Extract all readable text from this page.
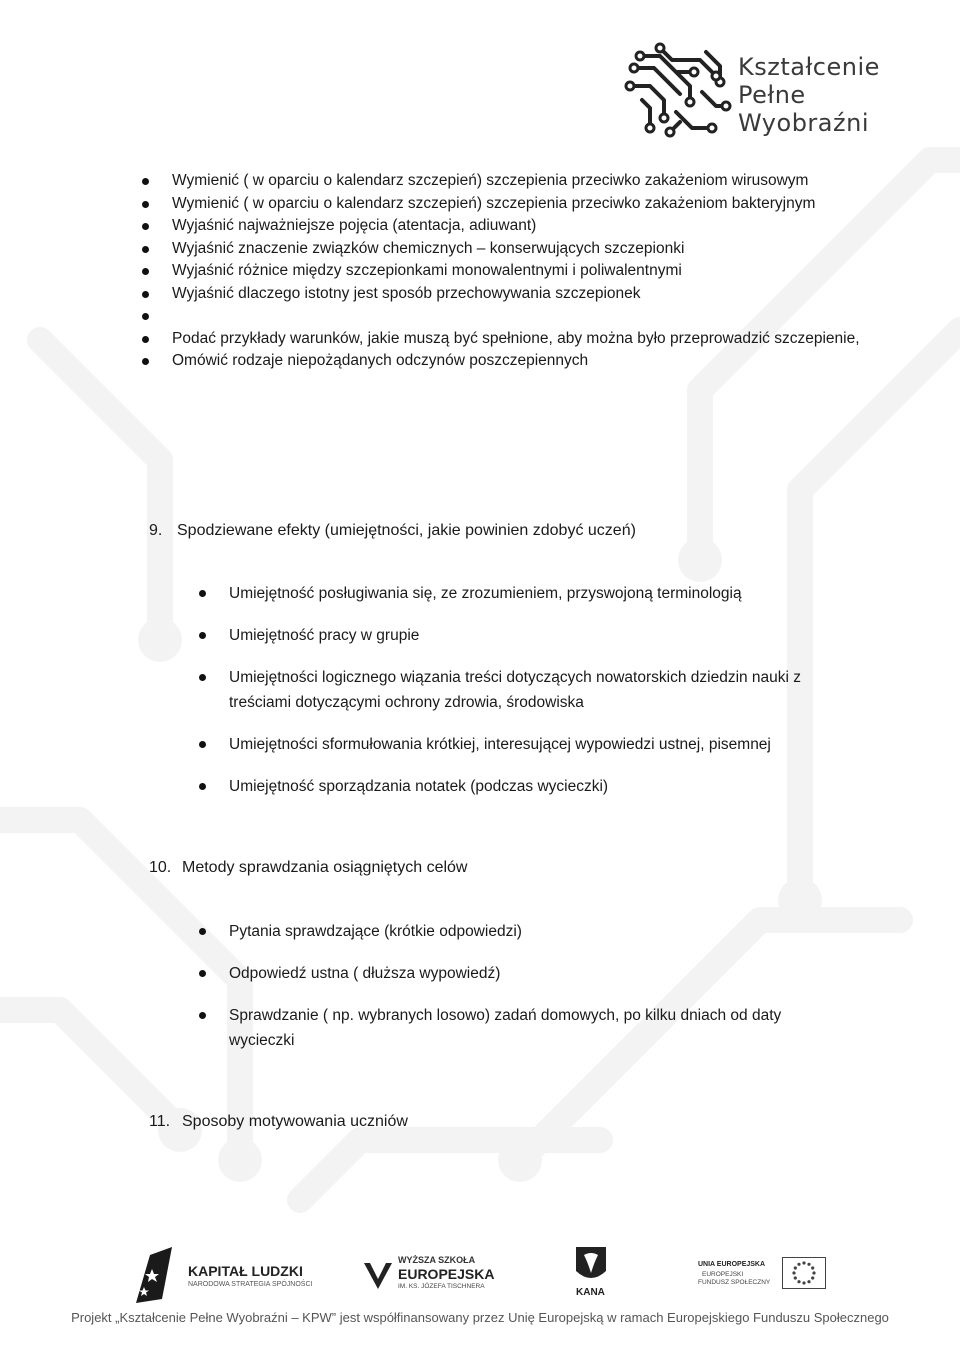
Kształcenie
Pełne
Wyobraźni
Wymienić ( w oparciu o kalendarz szczepień) szczepienia przeciwko zakażeniom wirusowym
Wymienić ( w oparciu o kalendarz szczepień) szczepienia przeciwko zakażeniom bakteryjnym
Wyjaśnić najważniejsze pojęcia (atentacja, adiuwant)
Wyjaśnić znaczenie związków chemicznych – konserwujących szczepionki
Wyjaśnić różnice między szczepionkami monowalentnymi i poliwalentnymi
Wyjaśnić dlaczego istotny jest sposób przechowywania szczepionek
Podać przykłady warunków, jakie muszą być spełnione, aby można było przeprowadzić szczepienie,
Omówić rodzaje niepożądanych odczynów poszczepiennych
9. Spodziewane efekty (umiejętności, jakie powinien zdobyć uczeń)
Umiejętność posługiwania się, ze zrozumieniem, przyswojoną terminologią
Umiejętność pracy w grupie
Umiejętności logicznego wiązania treści dotyczących nowatorskich dziedzin nauki z treściami dotyczącymi ochrony zdrowia, środowiska
Umiejętności sformułowania krótkiej, interesującej wypowiedzi ustnej, pisemnej
Umiejętność sporządzania notatek (podczas wycieczki)
10. Metody sprawdzania osiągniętych celów
Pytania sprawdzające (krótkie odpowiedzi)
Odpowiedź ustna ( dłuższa wypowiedź)
Sprawdzanie ( np. wybranych losowo) zadań domowych, po kilku dniach od daty wycieczki
11. Sposoby motywowania uczniów
KAPITAŁ LUDZKI
NARODOWA STRATEGIA SPÓJNOŚCI
WYŻSZA SZKOŁA
EUROPEJSKA
IM. KS. JÓZEFA TISCHNERA
KANA
UNIA EUROPEJSKA
EUROPEJSKI
FUNDUSZ SPOŁECZNY
Projekt „Kształcenie Pełne Wyobraźni – KPW” jest współfinansowany przez Unię Europejską w ramach Europejskiego Funduszu Społecznego
